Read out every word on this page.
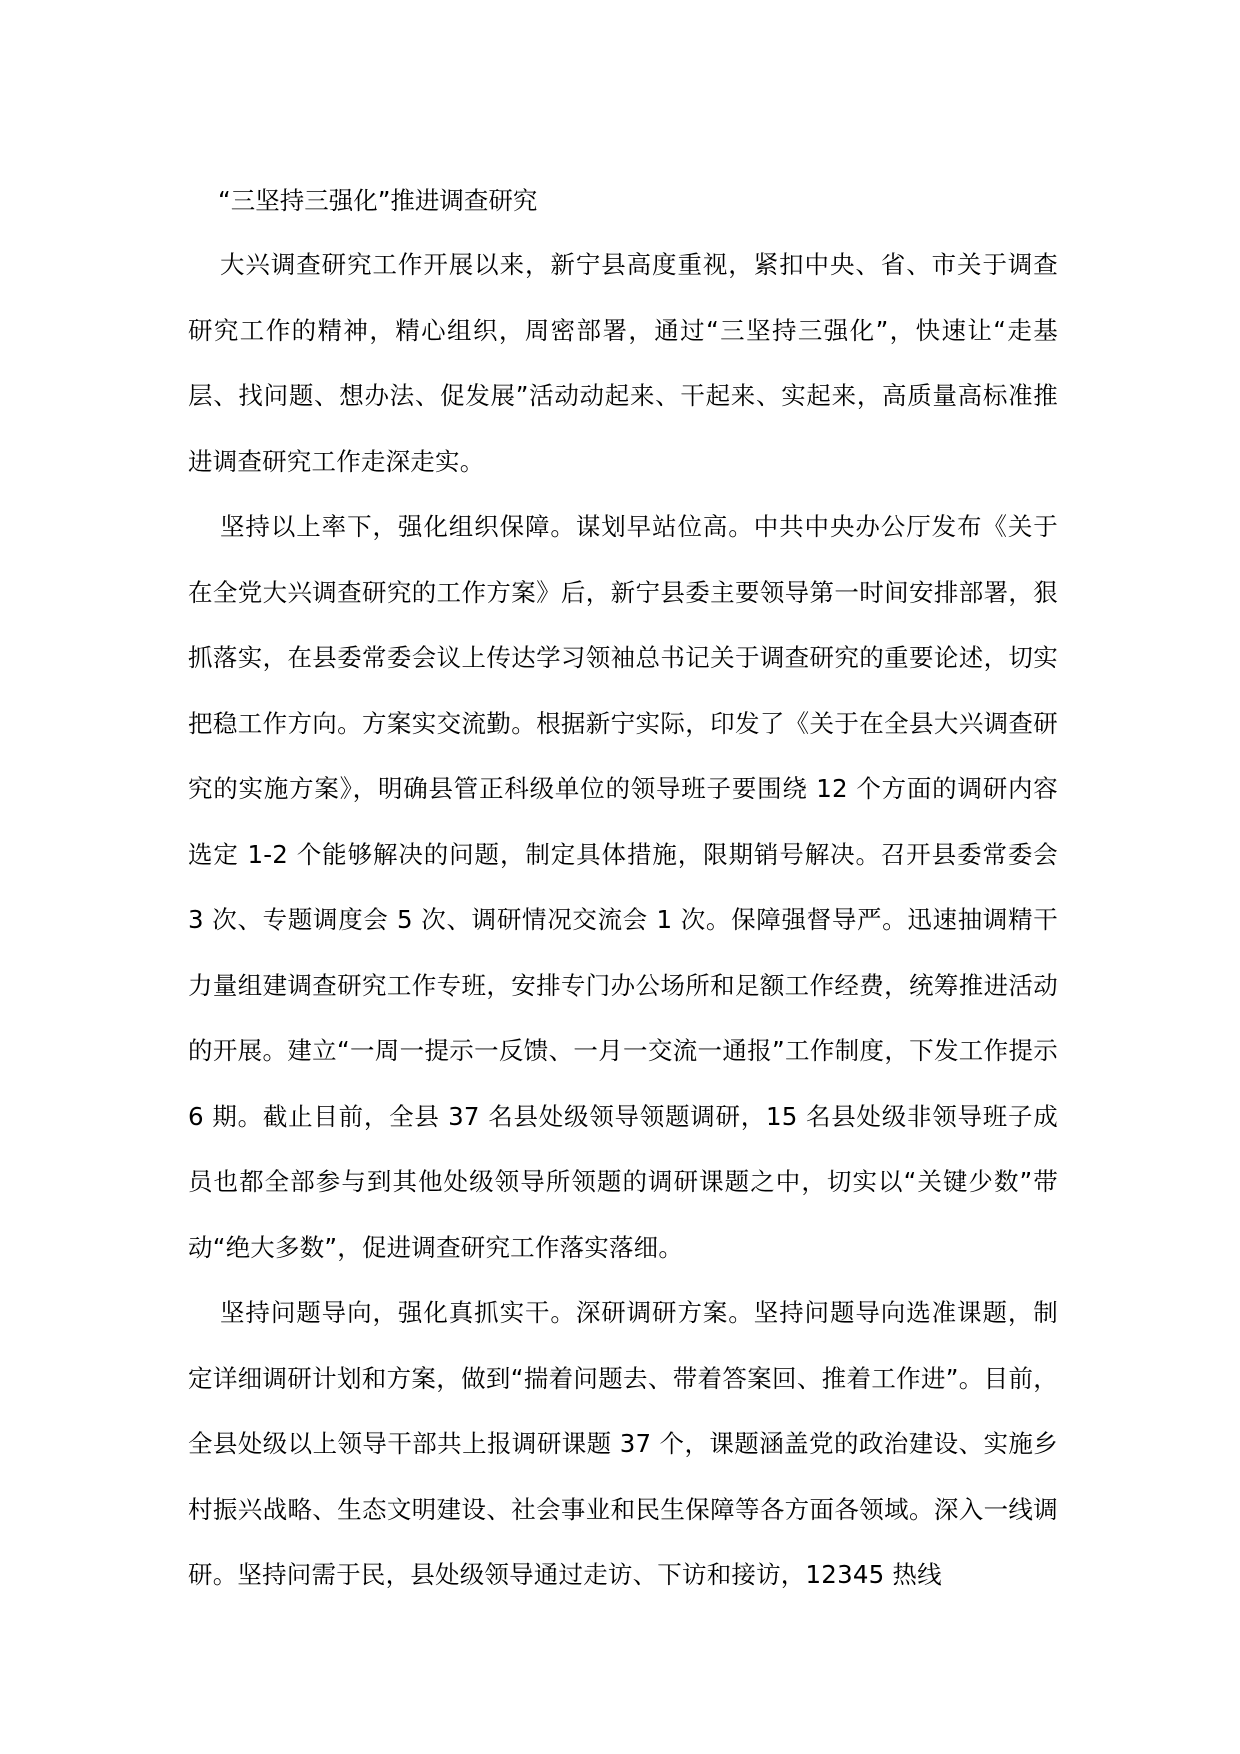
“三坚持三强化”推进调查研究

大兴调查研究工作开展以来，新宁县高度重视，紧扣中央、省、市关于调查研究工作的精神，精心组织，周密部署，通过“三坚持三强化”，快速让“走基层、找问题、想办法、促发展”活动动起来、干起来、实起来，高质量高标准推进调查研究工作走深走实。

坚持以上率下，强化组织保障。谋划早站位高。中共中央办公厅发布《关于在全党大兴调查研究的工作方案》后，新宁县委主要领导第一时间安排部署，狠抓落实，在县委常委会议上传达学习领袖总书记关于调查研究的重要论述，切实把稳工作方向。方案实交流勤。根据新宁实际，印发了《关于在全县大兴调查研究的实施方案》，明确县管正科级单位的领导班子要围绕 12 个方面的调研内容选定 1-2 个能够解决的问题，制定具体措施，限期销号解决。召开县委常委会 3 次、专题调度会 5 次、调研情况交流会 1 次。保障强督导严。迅速抽调精干力量组建调查研究工作专班，安排专门办公场所和足额工作经费，统筹推进活动的开展。建立“一周一提示一反馈、一月一交流一通报”工作制度，下发工作提示 6 期。截止目前，全县 37 名县处级领导领题调研，15 名县处级非领导班子成员也都全部参与到其他处级领导所领题的调研课题之中，切实以“关键少数”带动“绝大多数”，促进调查研究工作落实落细。

坚持问题导向，强化真抓实干。深研调研方案。坚持问题导向选准课题，制定详细调研计划和方案，做到“揣着问题去、带着答案回、推着工作进”。目前，全县处级以上领导干部共上报调研课题 37 个，课题涵盖党的政治建设、实施乡村振兴战略、生态文明建设、社会事业和民生保障等各方面各领域。深入一线调研。坚持问需于民，县处级领导通过走访、下访和接访，12345 热线
